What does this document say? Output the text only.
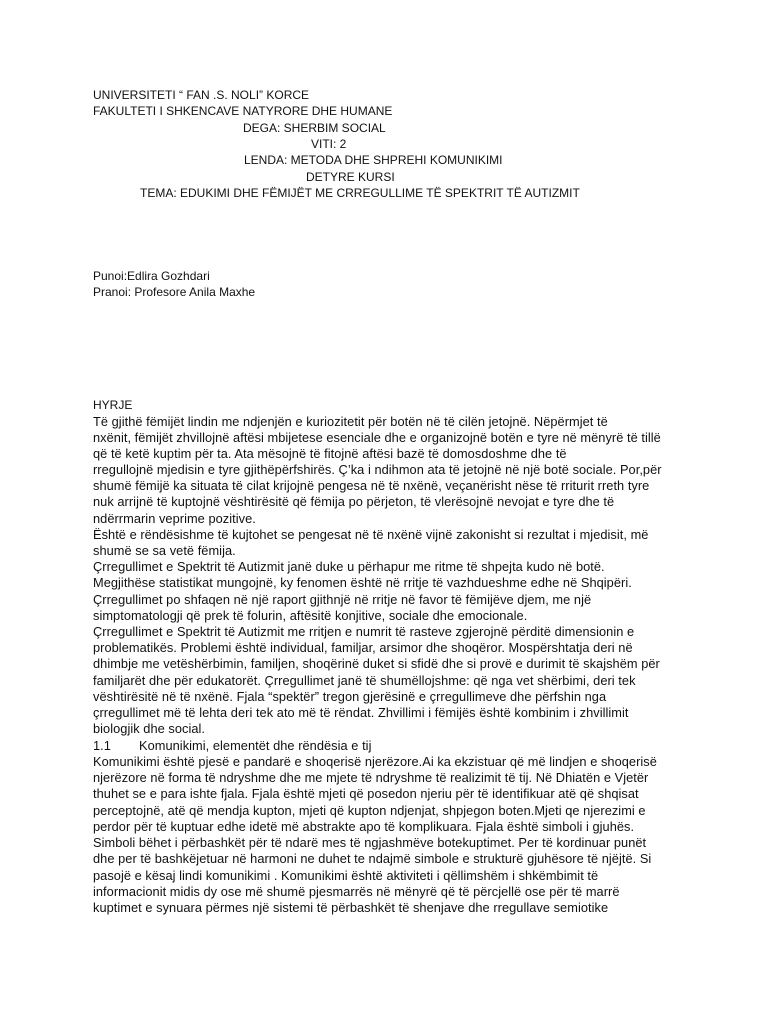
UNIVERSITETI “ FAN .S. NOLI” KORCE

FAKULTETI I SHKENCAVE NATYRORE DHE HUMANE

DEGA: SHERBIM SOCIAL

VITI: 2

LENDA: METODA DHE SHPREHI KOMUNIKIMI

DETYRE KURSI

TEMA: EDUKIMI DHE FËMIJËT ME CRREGULLIME TË SPEKTRIT TË AUTIZMIT

Punoi:Edlira Gozhdari

Pranoi: Profesore Anila Maxhe

HYRJE

Të gjithë fëmijët lindin me ndjenjën e kuriozitetit për botën në të cilën jetojnë. Nëpërmjet të

nxënit, fëmijët zhvillojnë aftësi mbijetese esenciale dhe e organizojnë botën e tyre në mënyrë të tillë

që të ketë kuptim për ta. Ata mësojnë të fitojnë aftësi bazë të domosdoshme dhe të

rregullojnë mjedisin e tyre gjithëpërfshirës. Ç’ka i ndihmon ata të jetojnë në një botë sociale. Por,për

shumë fëmijë ka situata të cilat krijojnë pengesa në të nxënë, veçanërisht nëse të rriturit rreth tyre

nuk arrijnë të kuptojnë vështirësitë që fëmija po përjeton, të vlerësojnë nevojat e tyre dhe të

ndërrmarin veprime pozitive.

Është e rëndësishme të kujtohet se pengesat në të nxënë vijnë zakonisht si rezultat i mjedisit, më

shumë se sa vetë fëmija.

Çrregullimet e Spektrit të Autizmit janë duke u përhapur me ritme të shpejta kudo në botë.

Megjithëse statistikat mungojnë, ky fenomen është në rritje të vazhdueshme edhe në Shqipëri.

Çrregullimet po shfaqen në një raport gjithnjë në rritje në favor të fëmijëve djem, me një

simptomatologji që prek të folurin, aftësitë konjitive, sociale dhe emocionale.

Çrregullimet e Spektrit të Autizmit me rritjen e numrit të rasteve zgjerojnë përditë dimensionin e

problematikës. Problemi është individual, familjar, arsimor dhe shoqëror. Mospërshtatja deri në

dhimbje me vetëshërbimin, familjen, shoqërinë duket si sfidë dhe si provë e durimit të skajshëm për

familjarët dhe për edukatorët. Çrregullimet janë të shumëllojshme: që nga vet shërbimi, deri tek

vështirësitë në të nxënë. Fjala “spektër” tregon gjerësinë e çrregullimeve dhe përfshin nga

çrregullimet më të lehta deri tek ato më të rëndat. Zhvillimi i fëmijës është kombinim i zhvillimit

biologjik dhe social.

1.1 Komunikimi, elementët dhe rëndësia e tij

Komunikimi është pjesë e pandarë e shoqerisë njerëzore.Ai ka ekzistuar që më lindjen e shoqerisë

njerëzore në forma të ndryshme dhe me mjete të ndryshme të realizimit të tij. Në Dhiatën e Vjetër

thuhet se e para ishte fjala. Fjala është mjeti që posedon njeriu për të identifikuar atë që shqisat

perceptojnë, atë që mendja kupton, mjeti që kupton ndjenjat, shpjegon boten.Mjeti qe njerezimi e

perdor për të kuptuar edhe idetë më abstrakte apo të komplikuara. Fjala është simboli i gjuhës.

Simboli bëhet i përbashkët për të ndarë mes të ngjashmëve botekuptimet. Per të kordinuar punët

dhe per të bashkëjetuar në harmoni ne duhet te ndajmë simbole e strukturë gjuhësore të njëjtë. Si

pasojë e kësaj lindi komunikimi . Komunikimi është aktiviteti i qëllimshëm i shkëmbimit të

informacionit midis dy ose më shumë pjesmarrës në mënyrë që të përcjellë ose për të marrë

kuptimet e synuara përmes një sistemi të përbashkët të shenjave dhe rregullave semiotike
